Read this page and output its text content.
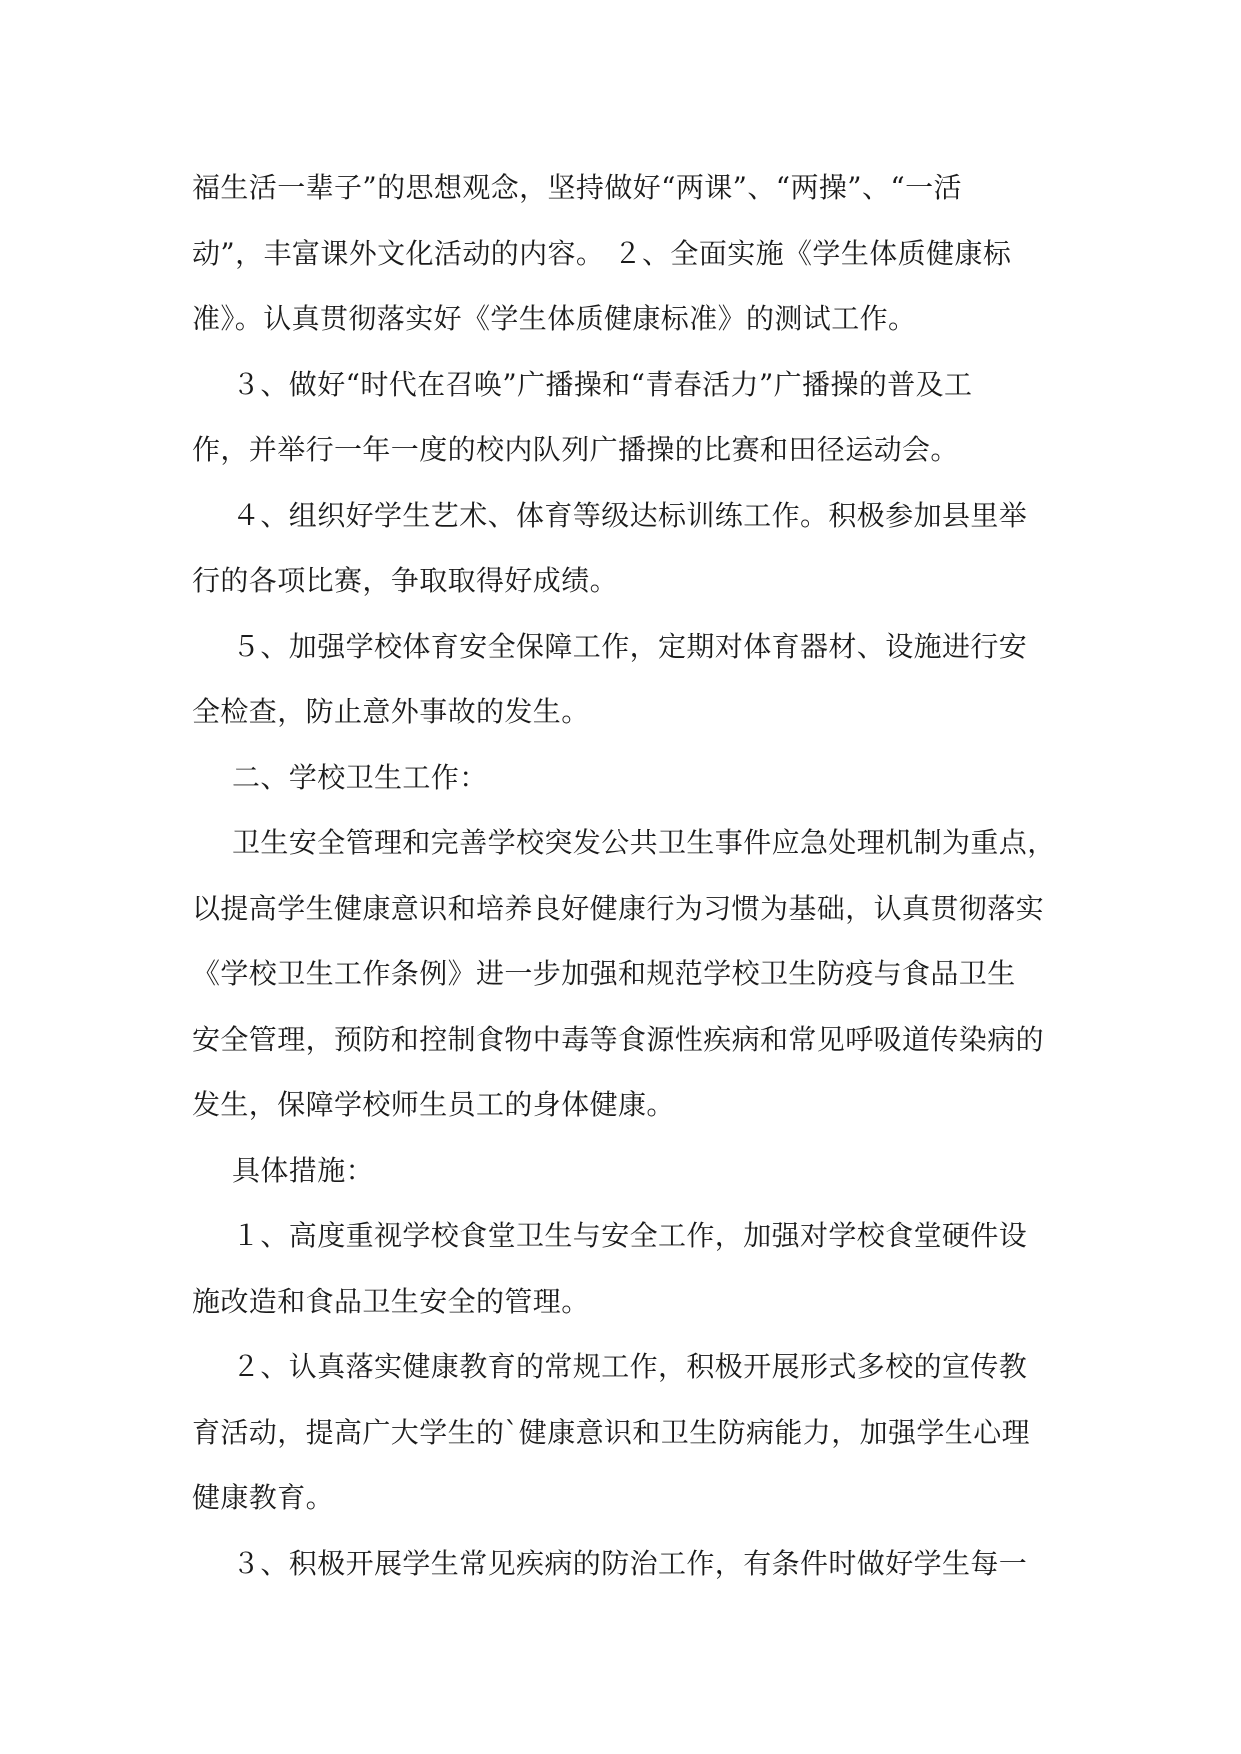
福生活一辈子”的思想观念，坚持做好“两课”、“两操”、“一活
动”，丰富课外文化活动的内容。 ２、全面实施《学生体质健康标
准》。认真贯彻落实好《学生体质健康标准》的测试工作。
３、做好“时代在召唤”广播操和“青春活力”广播操的普及工
作，并举行一年一度的校内队列广播操的比赛和田径运动会。
４、组织好学生艺术、体育等级达标训练工作。积极参加县里举
行的各项比赛，争取取得好成绩。
５、加强学校体育安全保障工作，定期对体育器材、设施进行安
全检查，防止意外事故的发生。
二、学校卫生工作：
卫生安全管理和完善学校突发公共卫生事件应急处理机制为重点，
以提高学生健康意识和培养良好健康行为习惯为基础，认真贯彻落实
《学校卫生工作条例》进一步加强和规范学校卫生防疫与食品卫生
安全管理，预防和控制食物中毒等食源性疾病和常见呼吸道传染病的
发生，保障学校师生员工的身体健康。
具体措施：
１、高度重视学校食堂卫生与安全工作，加强对学校食堂硬件设
施改造和食品卫生安全的管理。
２、认真落实健康教育的常规工作，积极开展形式多校的宣传教
育活动，提高广大学生的`健康意识和卫生防病能力，加强学生心理
健康教育。
３、积极开展学生常见疾病的防治工作，有条件时做好学生每一
